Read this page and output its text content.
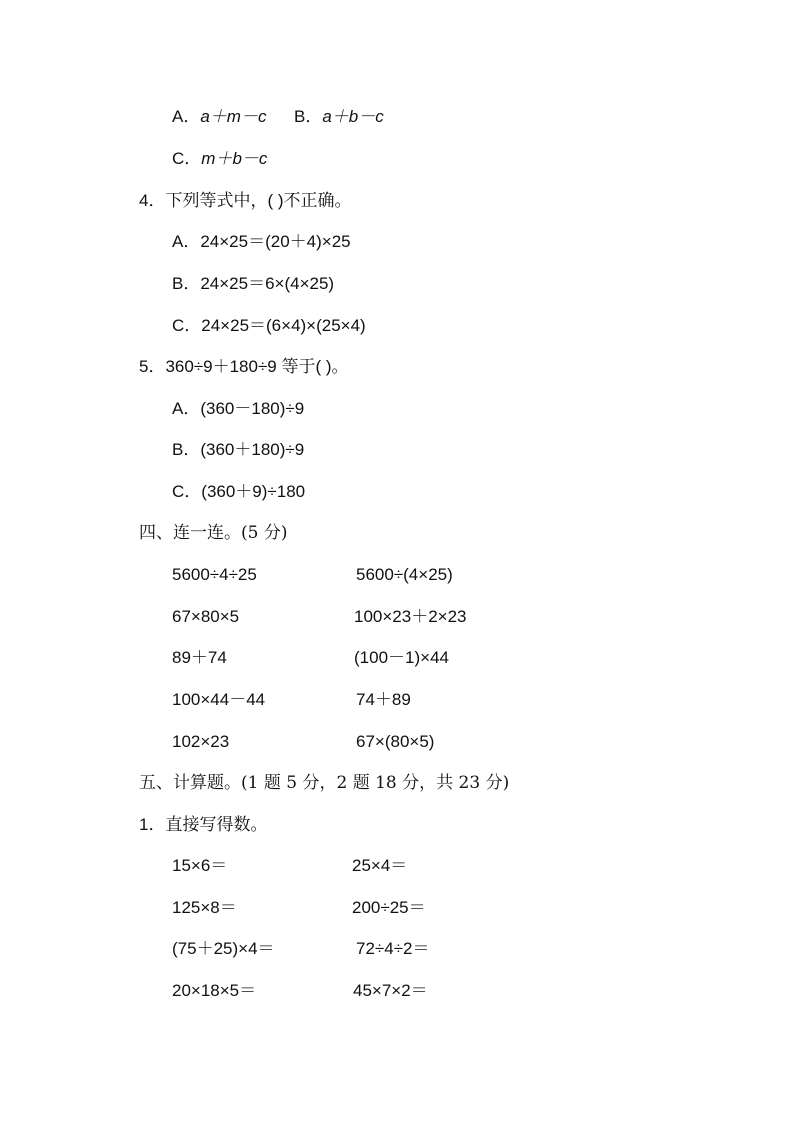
A．a＋m－c B．a＋b－c
C．m＋b－c
4．下列等式中，( )不正确。
A．24×25＝(20＋4)×25
B．24×25＝6×(4×25)
C．24×25＝(6×4)×(25×4)
5．360÷9＋180÷9 等于( )。
A．(360－180)÷9
B．(360＋180)÷9
C．(360＋9)÷180
四、连一连。(5 分)
5600÷4÷25
67×80×5
89＋74
100×44－44
102×23
5600÷(4×25)
100×23＋2×23
(100－1)×44
74＋89
67×(80×5)
五、计算题。(1 题 5 分，2 题 18 分，共 23 分)
1．直接写得数。
15×6＝
125×8＝
(75＋25)×4＝
20×18×5＝
25×4＝
200÷25＝
72÷4÷2＝
45×7×2＝
